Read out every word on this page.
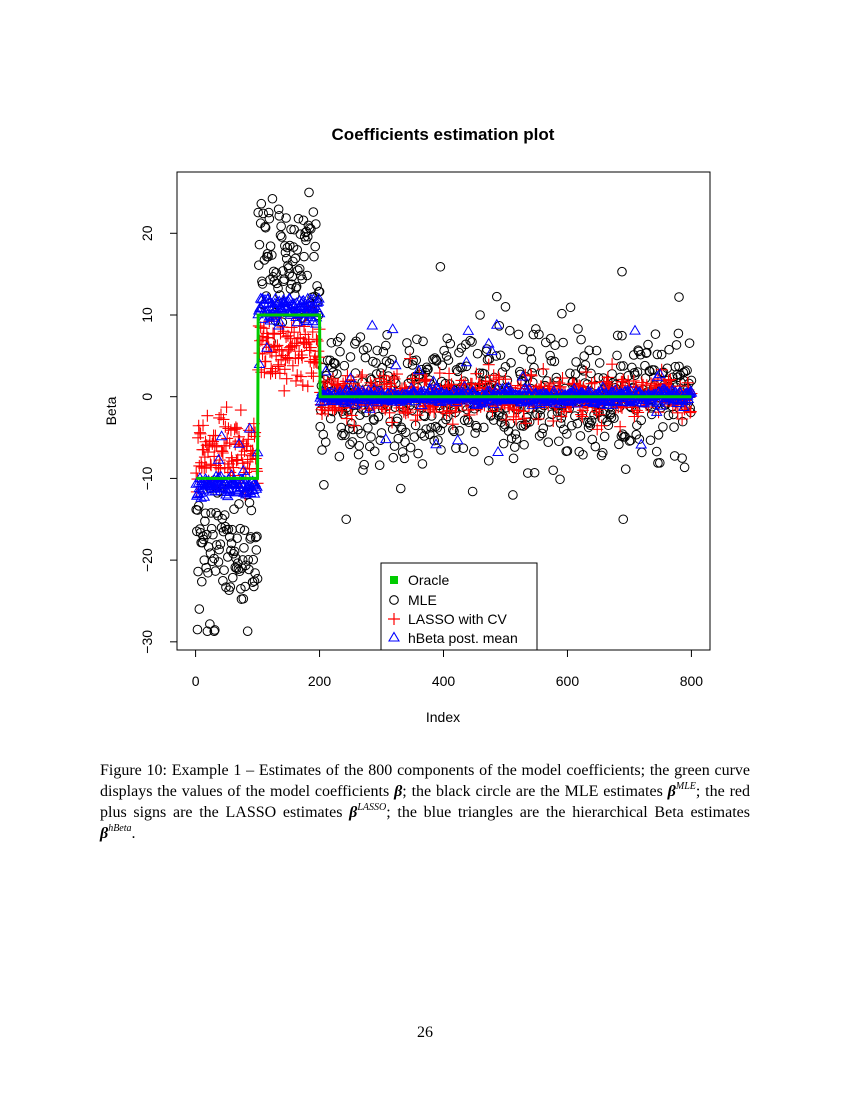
Coefficients estimation plot
0	200	400	600	800
−30
−20
−10
0
10
20
Index
Beta
Oracle
MLE
LASSO with CV
hBeta post. mean
Figure 10: Example 1 – Estimates of the 800 components of the model coefficients; the green curve displays the values of the model coefficients β; the black circle are the MLE estimates $\beta^{MLE}$; the red plus signs are the LASSO estimates $\beta^{LASSO}$; the blue triangles are the hierarchical Beta estimates $\beta^{hBeta}$.
26
